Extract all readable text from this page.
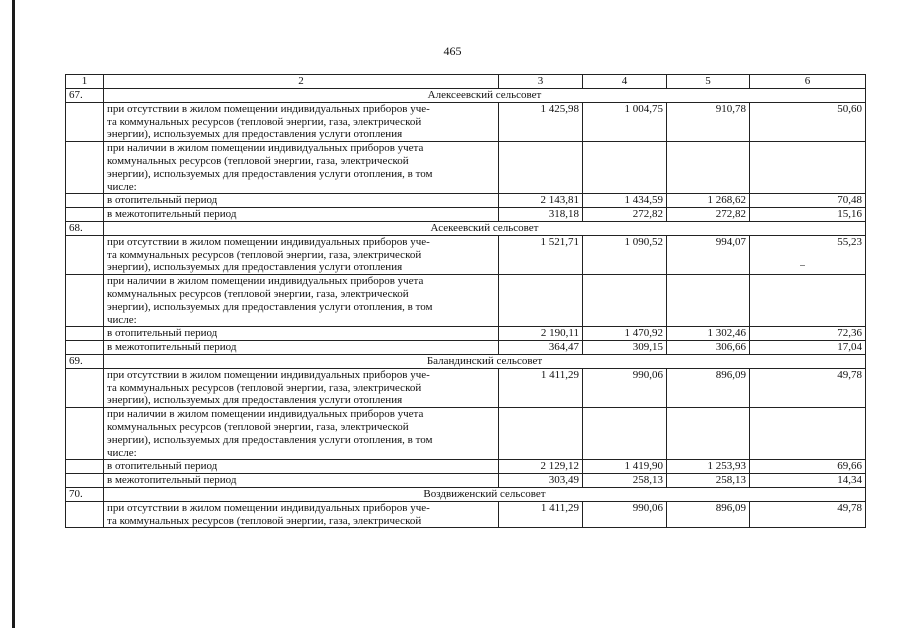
465
1	2	3	4	5	6
67.	Алексеевский сельсовет				

	при отсутствии в жилом помещении индивидуальных приборов уче-
та коммунальных ресурсов (тепловой энергии, газа, электрической
энергии), используемых для предоставления услуги отопления	1 425,98	1 004,75	910,78	50,60

	при наличии в жилом помещении индивидуальных приборов учета
коммунальных ресурсов (тепловой энергии, газа, электрической
энергии), используемых для предоставления услуги отопления, в том
числе:				

	в отопительный период	2 143,81	1 434,59	1 268,62	70,48

	в межотопительный период	318,18	272,82	272,82	15,16
68.	Асекеевский сельсовет				

	при отсутствии в жилом помещении индивидуальных приборов уче-
та коммунальных ресурсов (тепловой энергии, газа, электрической
энергии), используемых для предоставления услуги отопления	1 521,71	1 090,52	994,07	55,23

	при наличии в жилом помещении индивидуальных приборов учета
коммунальных ресурсов (тепловой энергии, газа, электрической
энергии), используемых для предоставления услуги отопления, в том
числе:				

	в отопительный период	2 190,11	1 470,92	1 302,46	72,36

	в межотопительный период	364,47	309,15	306,66	17,04
69.	Баландинский сельсовет				

	при отсутствии в жилом помещении индивидуальных приборов уче-
та коммунальных ресурсов (тепловой энергии, газа, электрической
энергии), используемых для предоставления услуги отопления	1 411,29	990,06	896,09	49,78

	при наличии в жилом помещении индивидуальных приборов учета
коммунальных ресурсов (тепловой энергии, газа, электрической
энергии), используемых для предоставления услуги отопления, в том
числе:				

	в отопительный период	2 129,12	1 419,90	1 253,93	69,66

	в межотопительный период	303,49	258,13	258,13	14,34
70.	Воздвиженский сельсовет				

	при отсутствии в жилом помещении индивидуальных приборов уче-
та коммунальных ресурсов (тепловой энергии, газа, электрической	1 411,29	990,06	896,09	49,78
